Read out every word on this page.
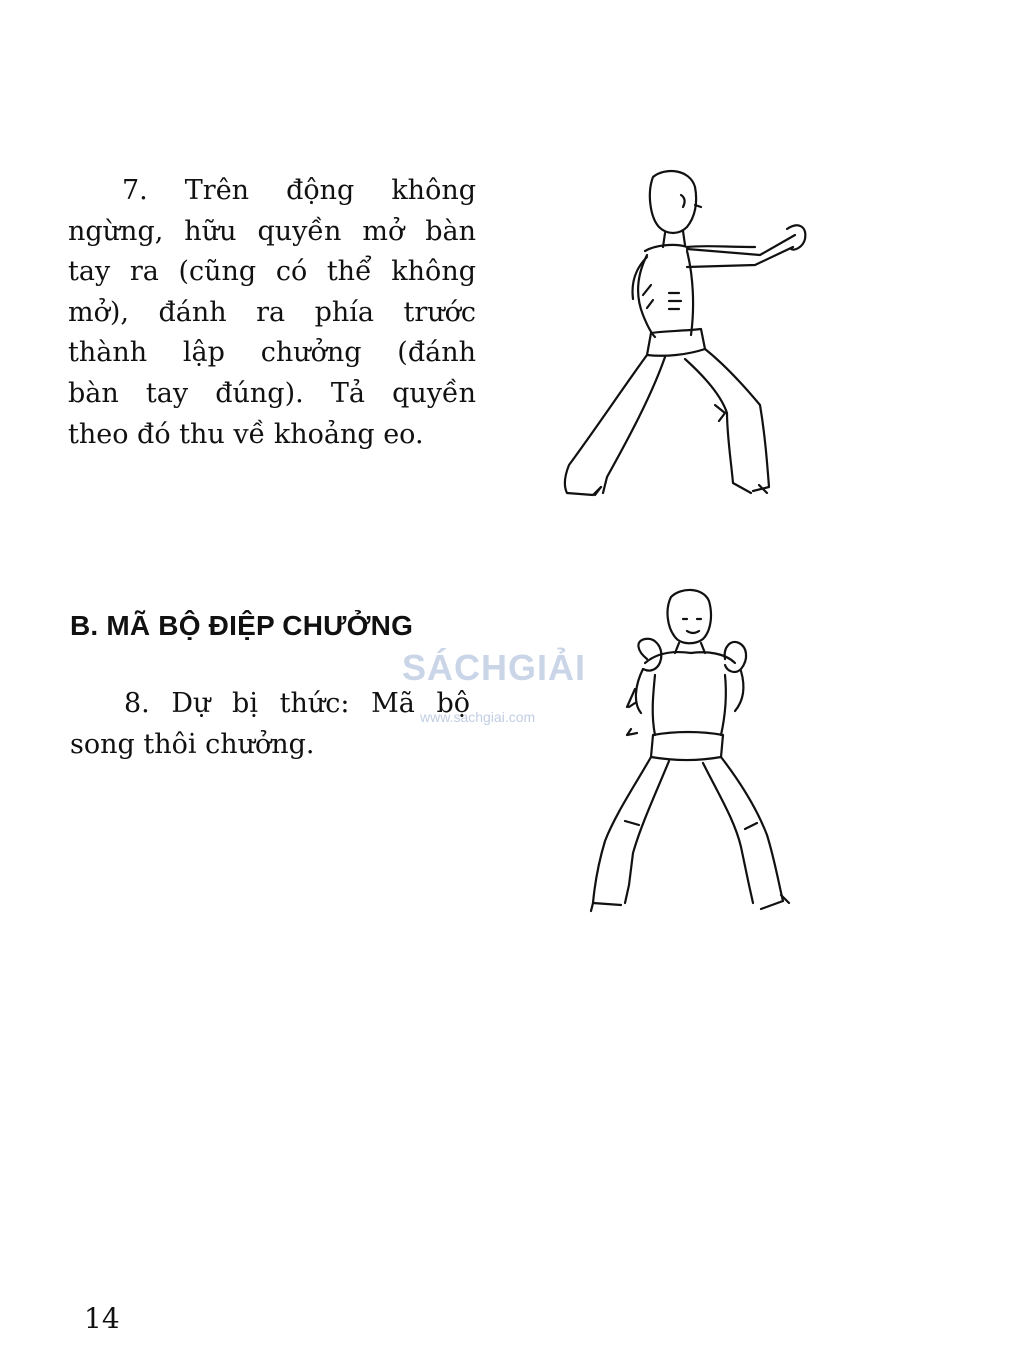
7. Trên động không
ngừng, hữu quyền mở bàn
tay ra (cũng có thể không
mở), đánh ra phía trước
thành lập chưởng (đánh
bàn tay đúng). Tả quyền
theo đó thu về khoảng eo.
B. MÃ BỘ ĐIỆP CHƯỞNG
SÁCHGIẢI
www.sachgiai.com
8. Dự bị thức: Mã bộ
song thôi chưởng.
14
